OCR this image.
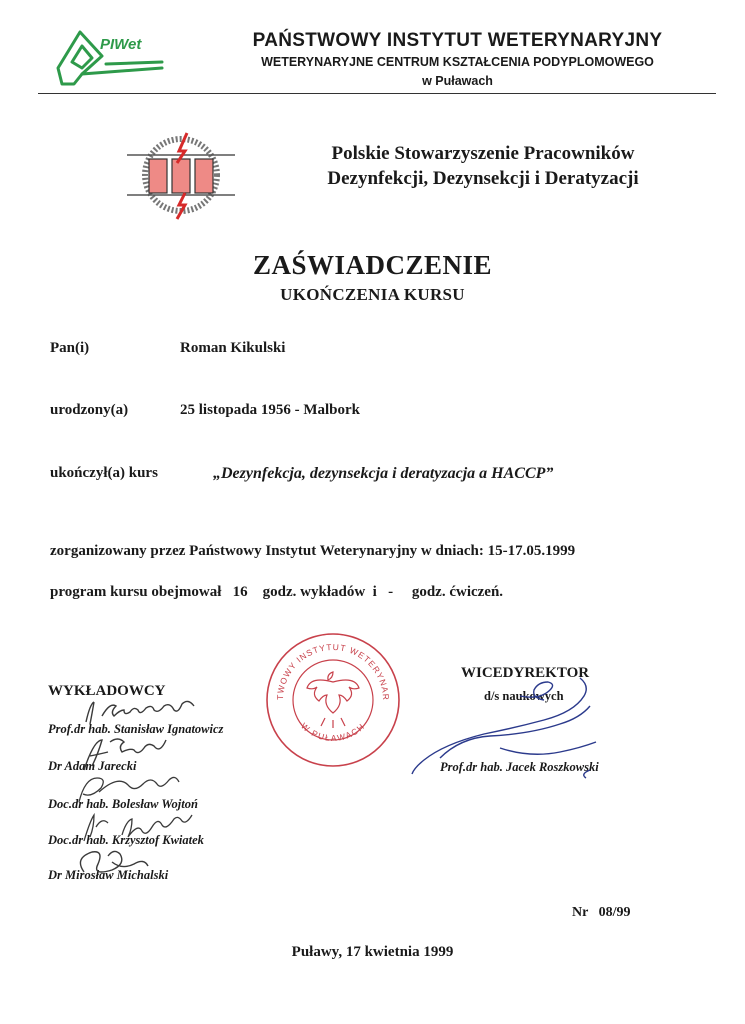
PIWet	PAŃSTWOWY INSTYTUT WETERYNARYJNY
WETERYNARYJNE CENTRUM KSZTAŁCENIA PODYPLOMOWEGO
w Puławach
Polskie Stowarzyszenie Pracowników
Dezynfekcji, Dezynsekcji i Deratyzacji
ZAŚWIADCZENIE
UKOŃCZENIA KURSU
Pan(i)	Roman Kikulski
urodzony(a)	25 listopada 1956 - Malbork
ukończył(a) kurs	„Dezynfekcja, dezynsekcja i deratyzacja a HACCP”
zorganizowany przez Państwowy Instytut Weterynaryjny w dniach: 15-17.05.1999
program kursu obejmował   16    godz. wykładów  i   -     godz. ćwiczeń.
TWOWY INSTYTUT WETERYNAR
W PUŁAWACH
WYKŁADOWCY
Prof.dr hab. Stanisław Ignatowicz
Dr Adam Jarecki
Doc.dr hab. Bolesław Wojtoń
Doc.dr hab. Krzysztof Kwiatek
Dr Mirosław Michalski
WICEDYREKTOR
d/s naukowych
Prof.dr hab. Jacek Roszkowski
Nr   08/99
Puławy, 17 kwietnia 1999
